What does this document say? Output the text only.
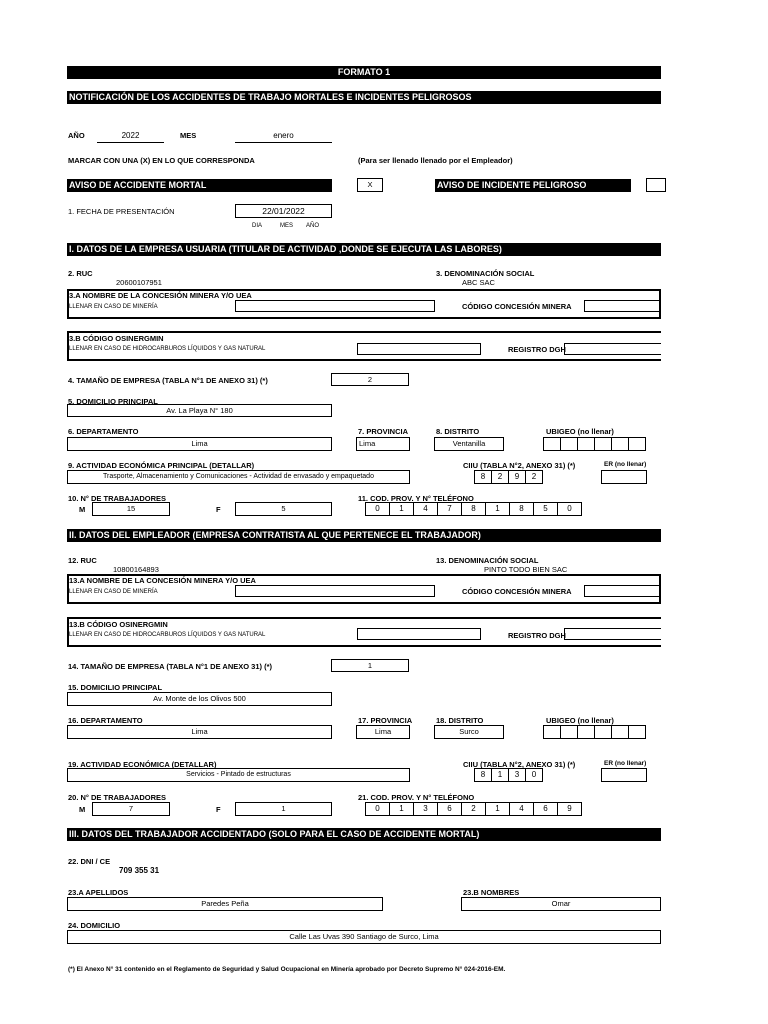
FORMATO 1
NOTIFICACIÓN DE LOS ACCIDENTES DE TRABAJO MORTALES E INCIDENTES PELIGROSOS
AÑO	2022	MES	enero
MARCAR CON UNA (X) EN LO QUE CORRESPONDA	(Para ser llenado llenado por el Empleador)
AVISO DE ACCIDENTE MORTAL	X	AVISO DE INCIDENTE PELIGROSO
1. FECHA DE PRESENTACIÓN	22/01/2022
DIA	MES AÑO
I. DATOS DE LA EMPRESA USUARIA (TITULAR DE ACTIVIDAD ,DONDE SE EJECUTA LAS LABORES)
2. RUC
20600107951
3. DENOMINACIÓN SOCIAL
ABC SAC
3.A NOMBRE DE LA CONCESIÓN MINERA Y/O UEA
LLENAR EN CASO DE MINERÍA	CÓDIGO CONCESIÓN MINERA
3.B CÓDIGO OSINERGMIN
LLENAR EN CASO DE HIDROCARBUROS LÍQUIDOS Y GAS NATURAL	REGISTRO DGH
4. TAMAÑO DE EMPRESA (TABLA N°1 DE ANEXO 31) (*)	2
5. DOMICILIO PRINCIPAL
Av. La Playa N° 180
6. DEPARTAMENTO
Lima
7. PROVINCIA
Lima
8. DISTRITO
Ventanilla
UBIGEO (no llenar)
9. ACTIVIDAD ECONÓMICA PRINCIPAL (DETALLAR)
Trasporte, Almacenamiento y Comunicaciones - Actividad de envasado y empaquetado
CIIU (TABLA N°2, ANEXO 31) (*)
8	2	9	2
ER (no llenar)
10. N° DE TRABAJADORES
M	15	F	5
11. COD. PROV. Y N° TELÉFONO
0	1	4	7	8	1	8	5	0
II. DATOS DEL EMPLEADOR (EMPRESA CONTRATISTA AL QUE PERTENECE EL TRABAJADOR)
12. RUC
10800164893
13. DENOMINACIÓN SOCIAL
PINTO TODO BIEN SAC
13.A NOMBRE DE LA CONCESIÓN MINERA Y/O UEA
LLENAR EN CASO DE MINERÍA	CÓDIGO CONCESIÓN MINERA
13.B CÓDIGO OSINERGMIN
LLENAR EN CASO DE HIDROCARBUROS LÍQUIDOS Y GAS NATURAL	REGISTRO DGH
14. TAMAÑO DE EMPRESA (TABLA N°1 DE ANEXO 31) (*)	1
15. DOMICILIO PRINCIPAL
Av. Monte de los Olivos 500
16. DEPARTAMENTO
Lima
17. PROVINCIA
Lima
18. DISTRITO
Surco
UBIGEO (no llenar)
19. ACTIVIDAD ECONÓMICA (DETALLAR)
Servicios - Pintado de estructuras
CIIU (TABLA N°2, ANEXO 31) (*)
8	1	3	0
ER (no llenar)
20. N° DE TRABAJADORES
M	7	F	1
21. COD. PROV. Y N° TELÉFONO
0	1	3	6	2	1	4	6	9
III. DATOS DEL TRABAJADOR ACCIDENTADO (SOLO PARA EL CASO DE ACCIDENTE MORTAL)
22. DNI / CE
709 355 31
23.A APELLIDOS
Paredes Peña
23.B NOMBRES
Omar
24. DOMICILIO
Calle Las Uvas 390 Santiago de Surco, Lima
(*) El Anexo N° 31 contenido en el Reglamento de Seguridad y Salud Ocupacional en Minería aprobado por Decreto Supremo N° 024-2016-EM.
